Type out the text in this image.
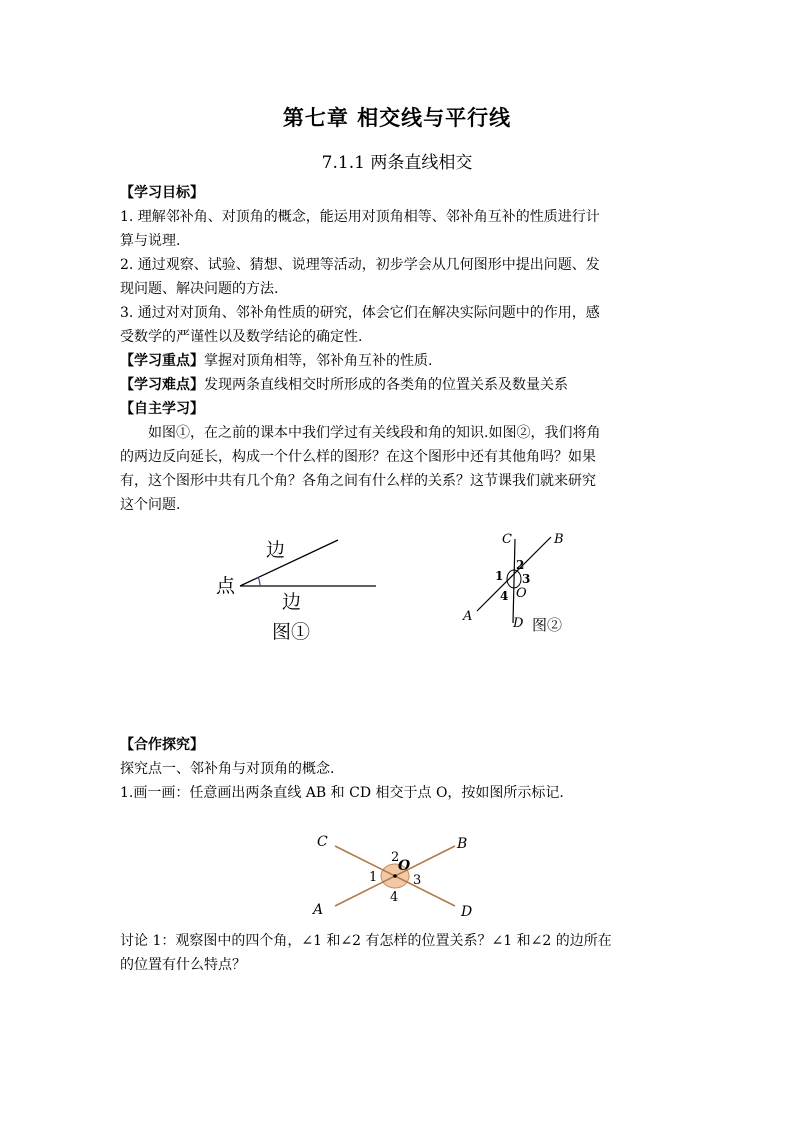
第七章 相交线与平行线
7.1.1 两条直线相交
【学习目标】
1. 理解邻补角、对顶角的概念，能运用对顶角相等、邻补角互补的性质进行计
算与说理.
2. 通过观察、试验、猜想、说理等活动，初步学会从几何图形中提出问题、发
现问题、解决问题的方法.
3. 通过对对顶角、邻补角性质的研究，体会它们在解决实际问题中的作用，感
受数学的严谨性以及数学结论的确定性.
【学习重点】掌握对顶角相等，邻补角互补的性质.
【学习难点】发现两条直线相交时所形成的各类角的位置关系及数量关系
【自主学习】
如图①，在之前的课本中我们学过有关线段和角的知识.如图②，我们将角
的两边反向延长，构成一个什么样的图形？在这个图形中还有其他角吗？如果
有，这个图形中共有几个角？各角之间有什么样的关系？这节课我们就来研究
这个问题.
边
点
边
图①
C	B
A	D
O
1
2
3
4
图②
【合作探究】
探究点一、邻补角与对顶角的概念.
1.画一画：任意画出两条直线 AB 和 CD 相交于点 O，按如图所示标记.
C	B
A	D
O
1
2
3
4
讨论 1：观察图中的四个角，∠1 和∠2 有怎样的位置关系？∠1 和∠2 的边所在
的位置有什么特点？
